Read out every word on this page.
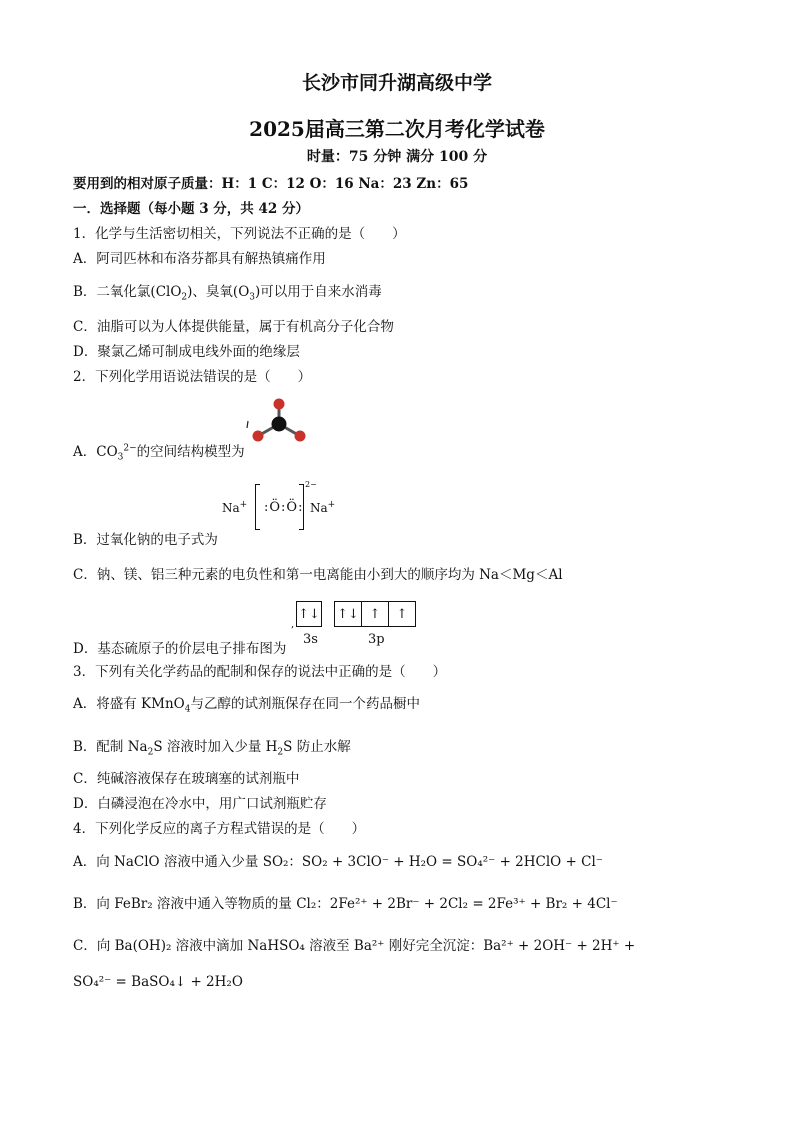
长沙市同升湖高级中学
2025届高三第二次月考化学试卷
时量：75 分钟 满分 100 分
要用到的相对原子质量：H：1 C：12 O：16 Na：23 Zn：65
一．选择题（每小题 3 分，共 42 分）
1．化学与生活密切相关，下列说法不正确的是（　　）
A．阿司匹林和布洛芬都具有解热镇痛作用
B．二氧化氯(ClO$_2$)、臭氧$(O_3)$可以用于自来水消毒
C．油脂可以为人体提供能量，属于有机高分子化合物
D．聚氯乙烯可制成电线外面的绝缘层
2．下列化学用语说法错误的是（　　）
A．$CO_3^{2-}$的空间结构模型为
Na+ :Ö:Ö:
2−
Na+
B．过氧化钠的电子式为
C．钠、镁、铝三种元素的电负性和第一电离能由小到大的顺序均为 Na＜Mg＜Al
,
↑↓ ↑↓ ↑	↑
3s	3p
D．基态硫原子的价层电子排布图为
3．下列有关化学药品的配制和保存的说法中正确的是（　　）
A．将盛有 KMnO$_4$与乙醇的试剂瓶保存在同一个药品橱中
B．配制 $Na_2S$ 溶液时加入少量 $H_2S$ 防止水解
C．纯碱溶液保存在玻璃塞的试剂瓶中
D．白磷浸泡在冷水中，用广口试剂瓶贮存
4．下列化学反应的离子方程式错误的是（　　）
A．向 NaClO 溶液中通入少量 SO₂：SO₂ + 3ClO⁻ + H₂O = SO₄²⁻ + 2HClO + Cl⁻
B．向 FeBr₂ 溶液中通入等物质的量 Cl₂：2Fe²⁺ + 2Br⁻ + 2Cl₂ = 2Fe³⁺ + Br₂ + 4Cl⁻
C．向 Ba(OH)₂ 溶液中滴加 NaHSO₄ 溶液至 Ba²⁺ 刚好完全沉淀：Ba²⁺ + 2OH⁻ + 2H⁺ +
SO₄²⁻ = BaSO₄↓ + 2H₂O
